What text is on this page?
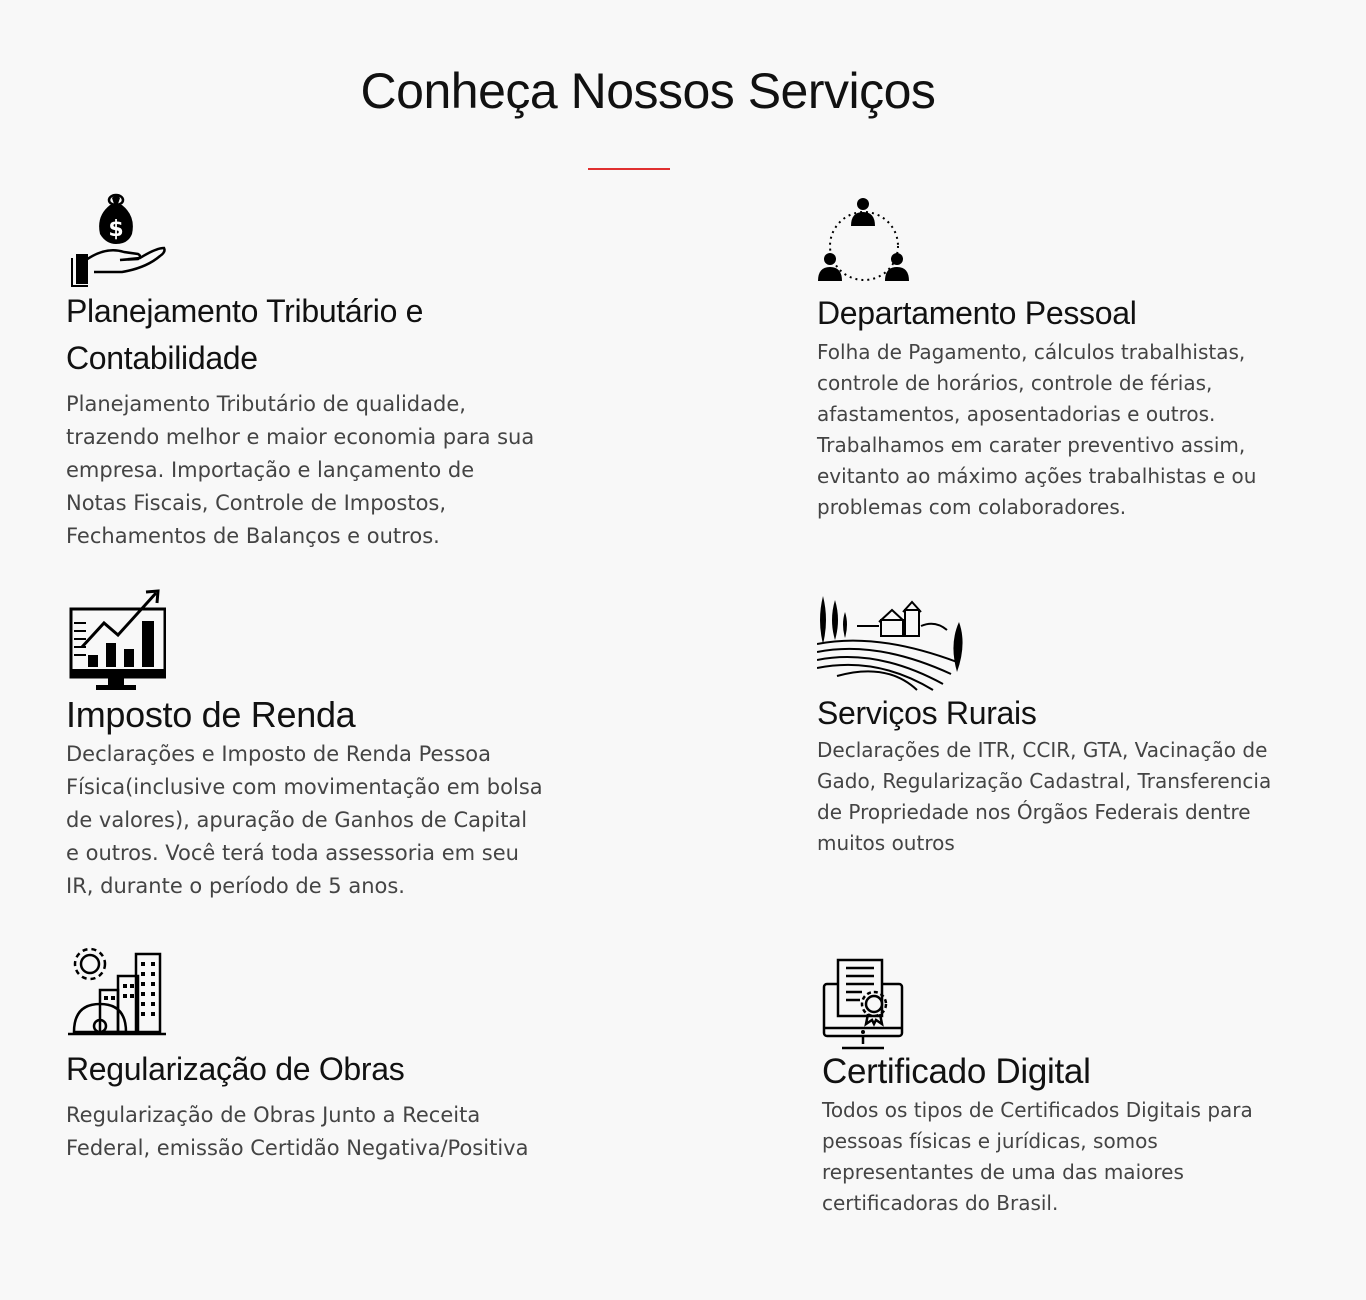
Conheça Nossos Serviços
$
Planejamento Tributário e Contabilidade

Planejamento Tributário de qualidade, trazendo melhor e maior economia para sua empresa. Importação e lançamento de Notas Fiscais, Controle de Impostos, Fechamentos de Balanços e outros.

Departamento Pessoal

Folha de Pagamento, cálculos trabalhistas, controle de horários, controle de férias, afastamentos, aposentadorias e outros. Trabalhamos em carater preventivo assim, evitanto ao máximo ações trabalhistas e ou problemas com colaboradores.

Imposto de Renda

Declarações e Imposto de Renda Pessoa Física(inclusive com movimentação em bolsa de valores), apuração de Ganhos de Capital e outros. Você terá toda assessoria em seu IR, durante o período de 5 anos.

Serviços Rurais

Declarações de ITR, CCIR, GTA, Vacinação de Gado, Regularização Cadastral, Transferencia de Propriedade nos Órgãos Federais dentre muitos outros

Regularização de Obras

Regularização de Obras Junto a Receita Federal, emissão Certidão Negativa/Positiva

Certificado Digital

Todos os tipos de Certificados Digitais para pessoas físicas e jurídicas, somos representantes de uma das maiores certificadoras do Brasil.
